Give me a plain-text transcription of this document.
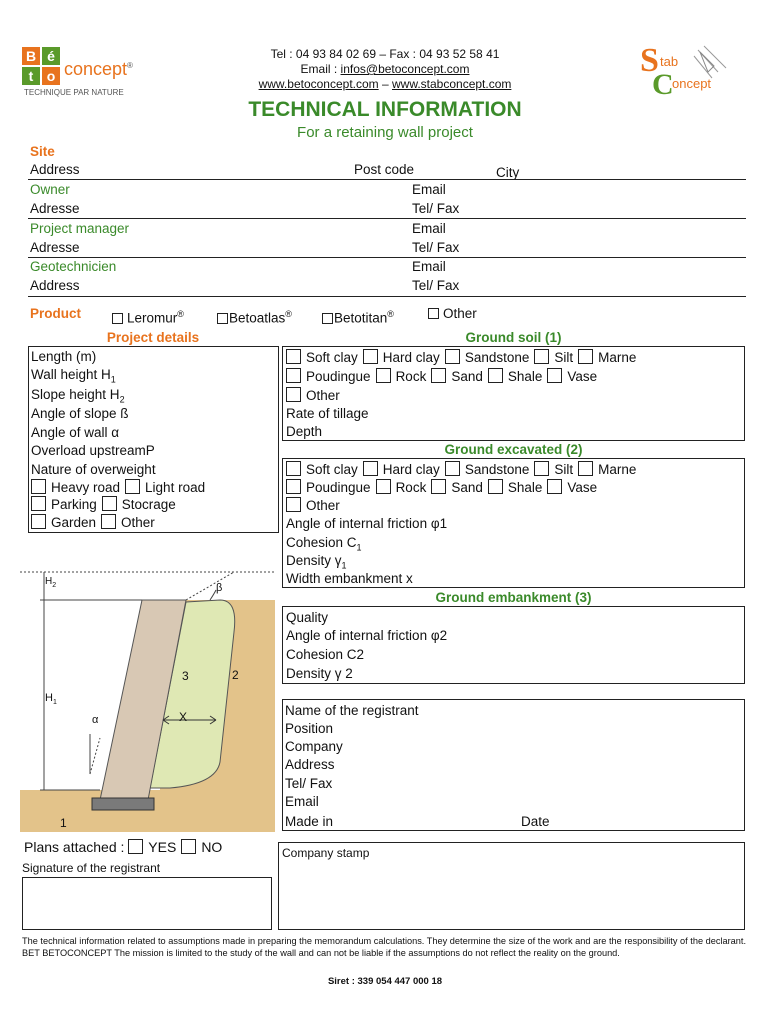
B é
t o concept®
TECHNIQUE PAR NATURE
Tel : 04 93 84 02 69 – Fax : 04 93 52 58 41
Email : infos@betoconcept.com
www.betoconcept.com – www.stabconcept.com
S tab
C
oncept
TECHNICAL INFORMATION
For a retaining wall project
Site
Address	Post code	City
Owner	Email
Adresse	Tel/ Fax
Project manager	Email
Adresse	Tel/ Fax
Geotechnicien	Email
Address	Tel/ Fax
Product	Leromur®	Betoatlas®	Betotitan®	Other
Project details
Length (m)
Wall height $H_1$
Slope height $H_2$
Angle of slope ß
Angle of wall α
Overload upstreamP
Nature of overweight
Heavy road Light road
Parking Stocrage
Garden Other
Ground soil (1)
Soft clay Hard clay Sandstone Silt Marne
Poudingue Rock Sand Shale Vase
Other
Rate of tillage
Depth
Ground excavated (2)
Soft clay Hard clay Sandstone Silt Marne
Poudingue Rock Sand Shale Vase
Other
Angle of internal friction φ1
Cohesion $C_1$
Density $\gamma_1$
Width embankment x
Ground embankment (3)
Quality
Angle of internal friction φ2
Cohesion C2
Density γ 2
Name of the registrant
Position
Company
Address
Tel/ Fax
Email
Made in	Date
$H_2$
$H_1$
β
α
3	2
X
1
Plans attached : YES NO
Signature of the registrant
Company stamp
The technical information related to assumptions made in preparing the memorandum calculations. They determine the size of the work and are the responsibility of the declarant. BET BETOCONCEPT The mission is limited to the study of the wall and can not be liable if the assumptions do not reflect the reality on the ground.
Siret : 339 054 447 000 18
